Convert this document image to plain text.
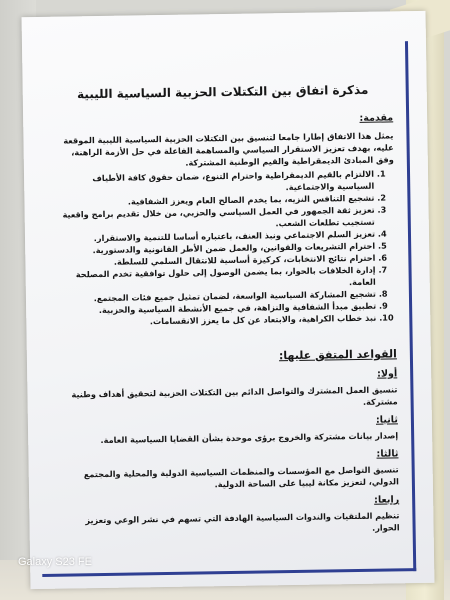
مذكرة اتفاق بين التكتلات الحزبية السياسية الليبية
مقدمة:
يمثل هذا الاتفاق إطارا جامعا لتنسيق بين التكتلات الحزبية السياسية الليبية الموقعة عليه، بهدف تعزيز الاستقرار السياسي والمساهمة الفاعلة في حل الأزمة الراهنة، وفق المبادئ الديمقراطية والقيم الوطنية المشتركة.
1. الالتزام بالقيم الديمقراطية واحترام التنوع، ضمان حقوق كافة الأطياف السياسية والاجتماعية.
2. تشجيع التنافس النزيه، بما يخدم الصالح العام ويعزز الشفافية.
3. تعزيز ثقة الجمهور في العمل السياسي والحزبي، من خلال تقديم برامج واقعية تستجيب تطلعات الشعب.
4. تعزيز السلم الاجتماعي ونبذ العنف، باعتباره أساسا للتنمية والاستقرار.
5. احترام التشريعات والقوانين، والعمل ضمن الأطر القانونية والدستورية.
6. احترام نتائج الانتخابات، كركيزة أساسية للانتقال السلمي للسلطة.
7. إدارة الخلافات بالحوار، بما يضمن الوصول إلى حلول توافقية تخدم المصلحة العامة.
8. تشجيع المشاركة السياسية الواسعة، لضمان تمثيل جميع فئات المجتمع.
9. تطبيق مبدأ الشفافية والنزاهة، في جميع الأنشطة السياسية والحزبية.
10. نبذ خطاب الكراهية، والابتعاد عن كل ما يعزز الانقسامات.
القواعد المتفق عليها:
أولا:
تنسيق العمل المشترك والتواصل الدائم بين التكتلات الحزبية لتحقيق أهداف وطنية مشتركة.
ثانيا:
إصدار بيانات مشتركة والخروج برؤى موحدة بشأن القضايا السياسية العامة.
ثالثا:
تنسيق التواصل مع المؤسسات والمنظمات السياسية الدولية والمحلية والمجتمع الدولي، لتعزيز مكانة ليبيا على الساحة الدولية.
رابعا:
تنظيم الملتقيات والندوات السياسية الهادفة التي تسهم في نشر الوعي وتعزيز الحوار.
Galaxy S23 FE
